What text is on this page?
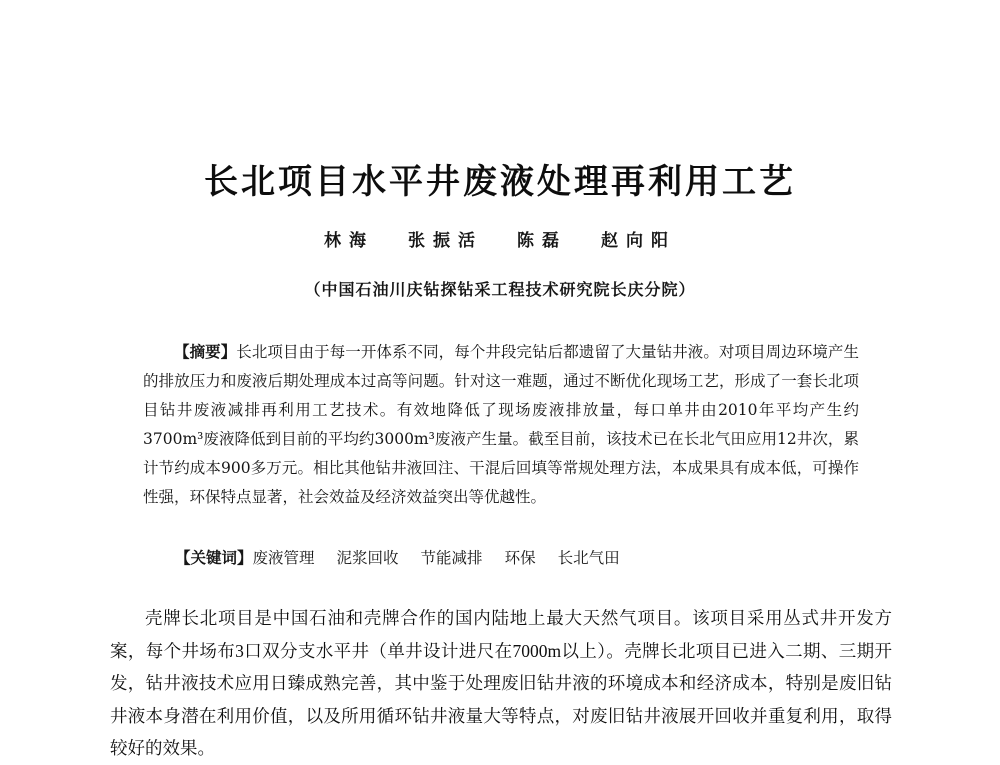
长北项目水平井废液处理再利用工艺
林海 张振活 陈磊 赵向阳
（中国石油川庆钻探钻采工程技术研究院长庆分院）

【摘要】长北项目由于每一开体系不同，每个井段完钻后都遗留了大量钻井液。对项目周边环境产生的排放压力和废液后期处理成本过高等问题。针对这一难题，通过不断优化现场工艺，形成了一套长北项目钻井废液减排再利用工艺技术。有效地降低了现场废液排放量，每口单井由2010年平均产生约3700m³废液降低到目前的平均约3000m³废液产生量。截至目前，该技术已在长北气田应用12井次，累计节约成本900多万元。相比其他钻井液回注、干混后回填等常规处理方法，本成果具有成本低，可操作性强，环保特点显著，社会效益及经济效益突出等优越性。

【关键词】 废液管理 泥浆回收 节能减排 环保 长北气田

壳牌长北项目是中国石油和壳牌合作的国内陆地上最大天然气项目。该项目采用丛式井开发方案，每个井场布3口双分支水平井（单井设计进尺在7000m以上）。壳牌长北项目已进入二期、三期开发，钻井液技术应用日臻成熟完善，其中鉴于处理废旧钻井液的环境成本和经济成本，特别是废旧钻井液本身潜在利用价值，以及所用循环钻井液量大等特点，对废旧钻井液展开回收并重复利用，取得较好的效果。
